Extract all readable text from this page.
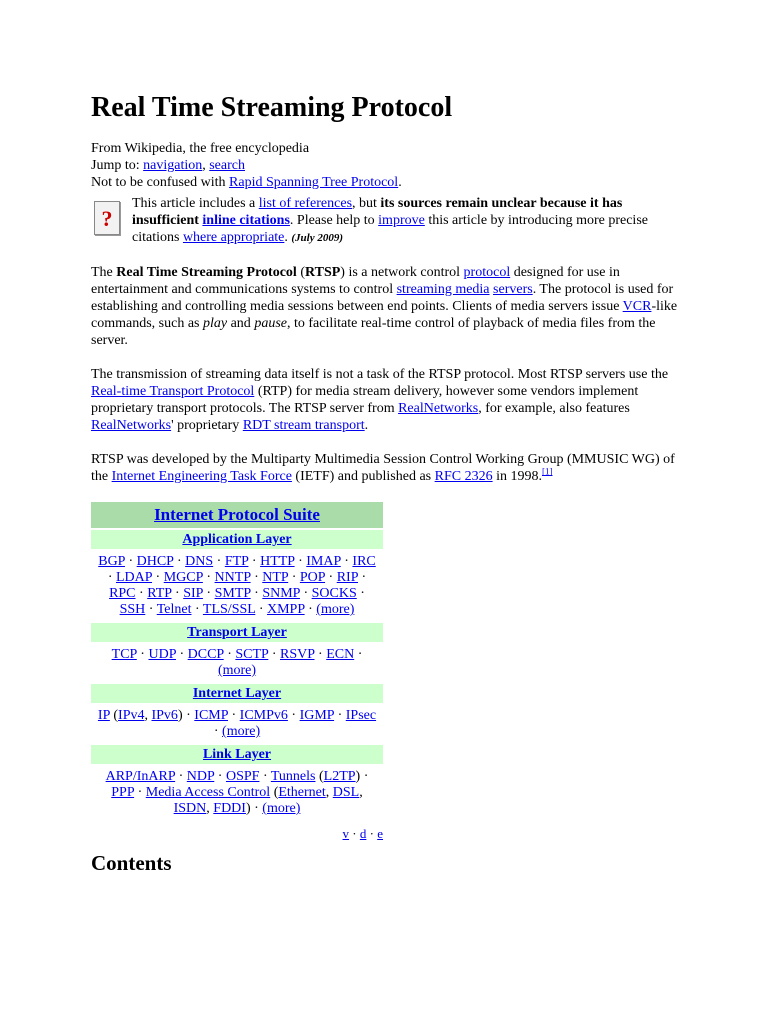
Real Time Streaming Protocol

From Wikipedia, the free encyclopedia

Jump to: navigation, search

Not to be confused with Rapid Spanning Tree Protocol.

?
This article includes a list of references, but its sources remain unclear because it has insufficient inline citations. Please help to improve this article by introducing more precise citations where appropriate. (July 2009)

The Real Time Streaming Protocol (RTSP) is a network control protocol designed for use in entertainment and communications systems to control streaming media servers. The protocol is used for establishing and controlling media sessions between end points. Clients of media servers issue VCR-like commands, such as play and pause, to facilitate real-time control of playback of media files from the server.

The transmission of streaming data itself is not a task of the RTSP protocol. Most RTSP servers use the Real-time Transport Protocol (RTP) for media stream delivery, however some vendors implement proprietary transport protocols. The RTSP server from RealNetworks, for example, also features RealNetworks' proprietary RDT stream transport.

RTSP was developed by the Multiparty Multimedia Session Control Working Group (MMUSIC WG) of the Internet Engineering Task Force (IETF) and published as RFC 2326 in 1998.[1]

Internet Protocol Suite
Application Layer
BGP · DHCP · DNS · FTP · HTTP · IMAP · IRC · LDAP · MGCP · NNTP · NTP · POP · RIP · RPC · RTP · SIP · SMTP · SNMP · SOCKS · SSH · Telnet · TLS/SSL · XMPP · (more)
Transport Layer
TCP · UDP · DCCP · SCTP · RSVP · ECN · (more)
Internet Layer
IP (IPv4, IPv6) · ICMP · ICMPv6 · IGMP · IPsec · (more)
Link Layer
ARP/InARP · NDP · OSPF · Tunnels (L2TP) · PPP · Media Access Control (Ethernet, DSL, ISDN, FDDI) · (more)
v · d · e
Contents
